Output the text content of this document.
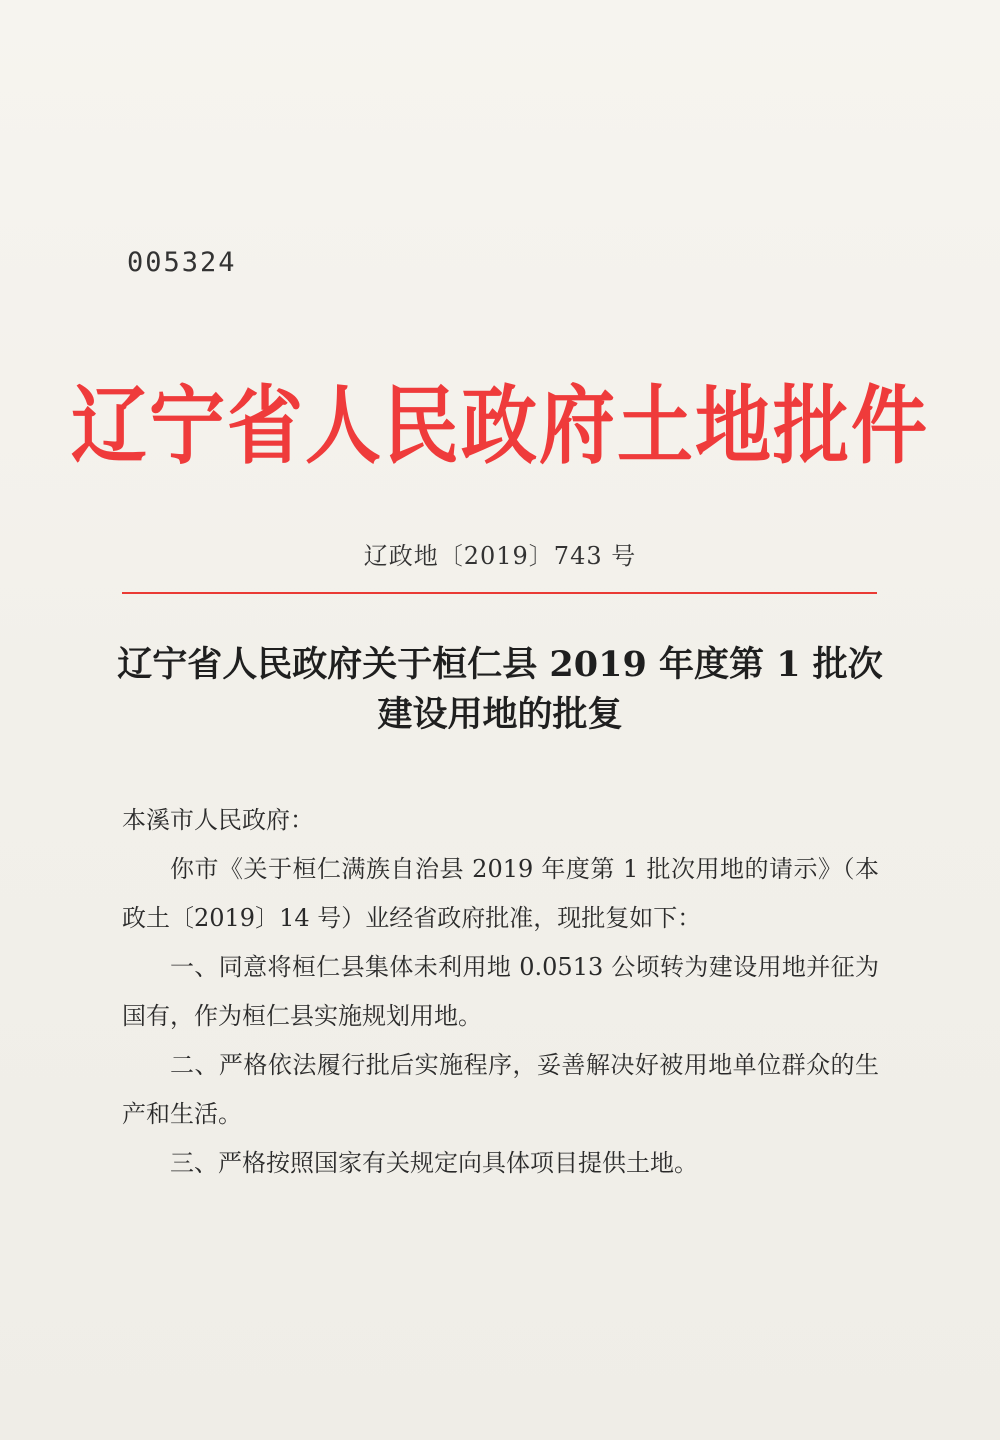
005324
辽宁省人民政府土地批件
辽政地〔2019〕743 号
辽宁省人民政府关于桓仁县 2019 年度第 1 批次
建设用地的批复

本溪市人民政府：

你市《关于桓仁满族自治县 2019 年度第 1 批次用地的请示》（本政土〔2019〕14 号）业经省政府批准，现批复如下：

一、同意将桓仁县集体未利用地 0.0513 公顷转为建设用地并征为国有，作为桓仁县实施规划用地。

二、严格依法履行批后实施程序，妥善解决好被用地单位群众的生产和生活。

三、严格按照国家有关规定向具体项目提供土地。
